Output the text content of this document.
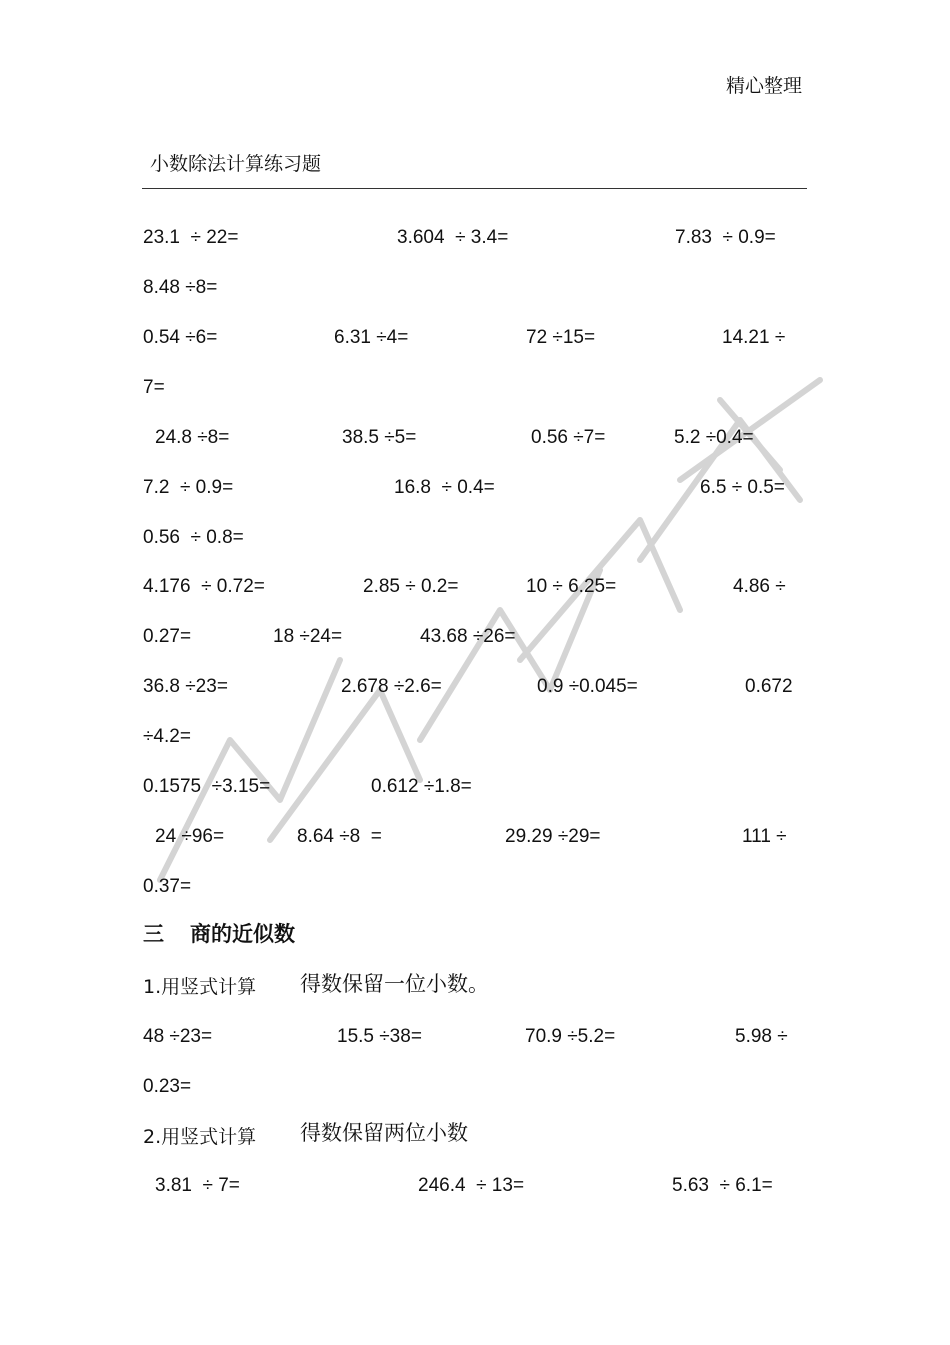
精心整理
小数除法计算练习题
23.1  ÷ 22=	3.604  ÷ 3.4=	7.83  ÷ 0.9=
8.48 ÷8=
0.54 ÷6=	6.31 ÷4=	72 ÷15=	14.21 ÷
7=
24.8 ÷8=	38.5 ÷5=	0.56 ÷7=	5.2 ÷0.4=
7.2  ÷ 0.9=	16.8  ÷ 0.4=	6.5 ÷ 0.5=
0.56  ÷ 0.8=
4.176  ÷ 0.72=	2.85 ÷ 0.2=	10 ÷ 6.25=	4.86 ÷
0.27=	18 ÷24=	43.68 ÷26=
36.8 ÷23=	2.678 ÷2.6=	0.9 ÷0.045=	0.672
÷4.2=
0.1575  ÷3.15=	0.612 ÷1.8=
24 ÷96=	8.64 ÷8  =	29.29 ÷29=	111 ÷
0.37=
三 商的近似数
1.用竖式计算 得数保留一位小数。
48 ÷23=	15.5 ÷38=	70.9 ÷5.2=	5.98 ÷
0.23=
2.用竖式计算 得数保留两位小数
3.81  ÷ 7=	246.4  ÷ 13=	5.63  ÷ 6.1=
